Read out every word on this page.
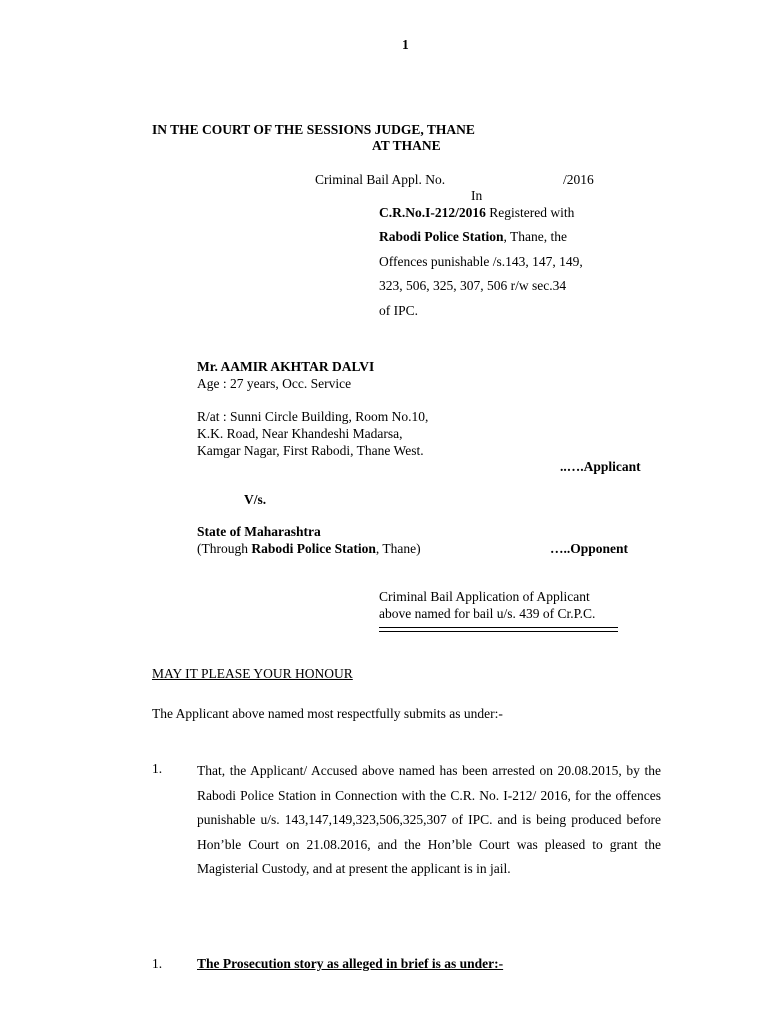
1
IN THE COURT OF THE SESSIONS JUDGE, THANE
AT THANE
Criminal Bail Appl. No.	/2016
In
C.R.No.I-212/2016 Registered with
Rabodi Police Station, Thane, the
Offences punishable /s.143, 147, 149,
323, 506, 325, 307, 506 r/w sec.34
of IPC.
Mr. AAMIR AKHTAR DALVI
Age : 27 years, Occ. Service
R/at : Sunni Circle Building, Room No.10,
K.K. Road, Near Khandeshi Madarsa,
Kamgar Nagar, First Rabodi, Thane West.
..….Applicant
V/s.
State of Maharashtra
(Through Rabodi Police Station, Thane)	…..Opponent
Criminal Bail Application of Applicant
above named for bail u/s. 439 of Cr.P.C.
MAY IT PLEASE YOUR HONOUR
The Applicant above named most respectfully submits as under:-
1.	That, the Applicant/ Accused above named has been arrested on 20.08.2015, by the Rabodi Police Station in Connection with the C.R. No. I-212/ 2016, for the offences punishable u/s. 143,147,149,323,506,325,307 of IPC. and is being produced before Hon’ble Court on 21.08.2016, and the Hon’ble Court was pleased to grant the Magisterial Custody, and at present the applicant is in jail.
1.	The Prosecution story as alleged in brief is as under:-
